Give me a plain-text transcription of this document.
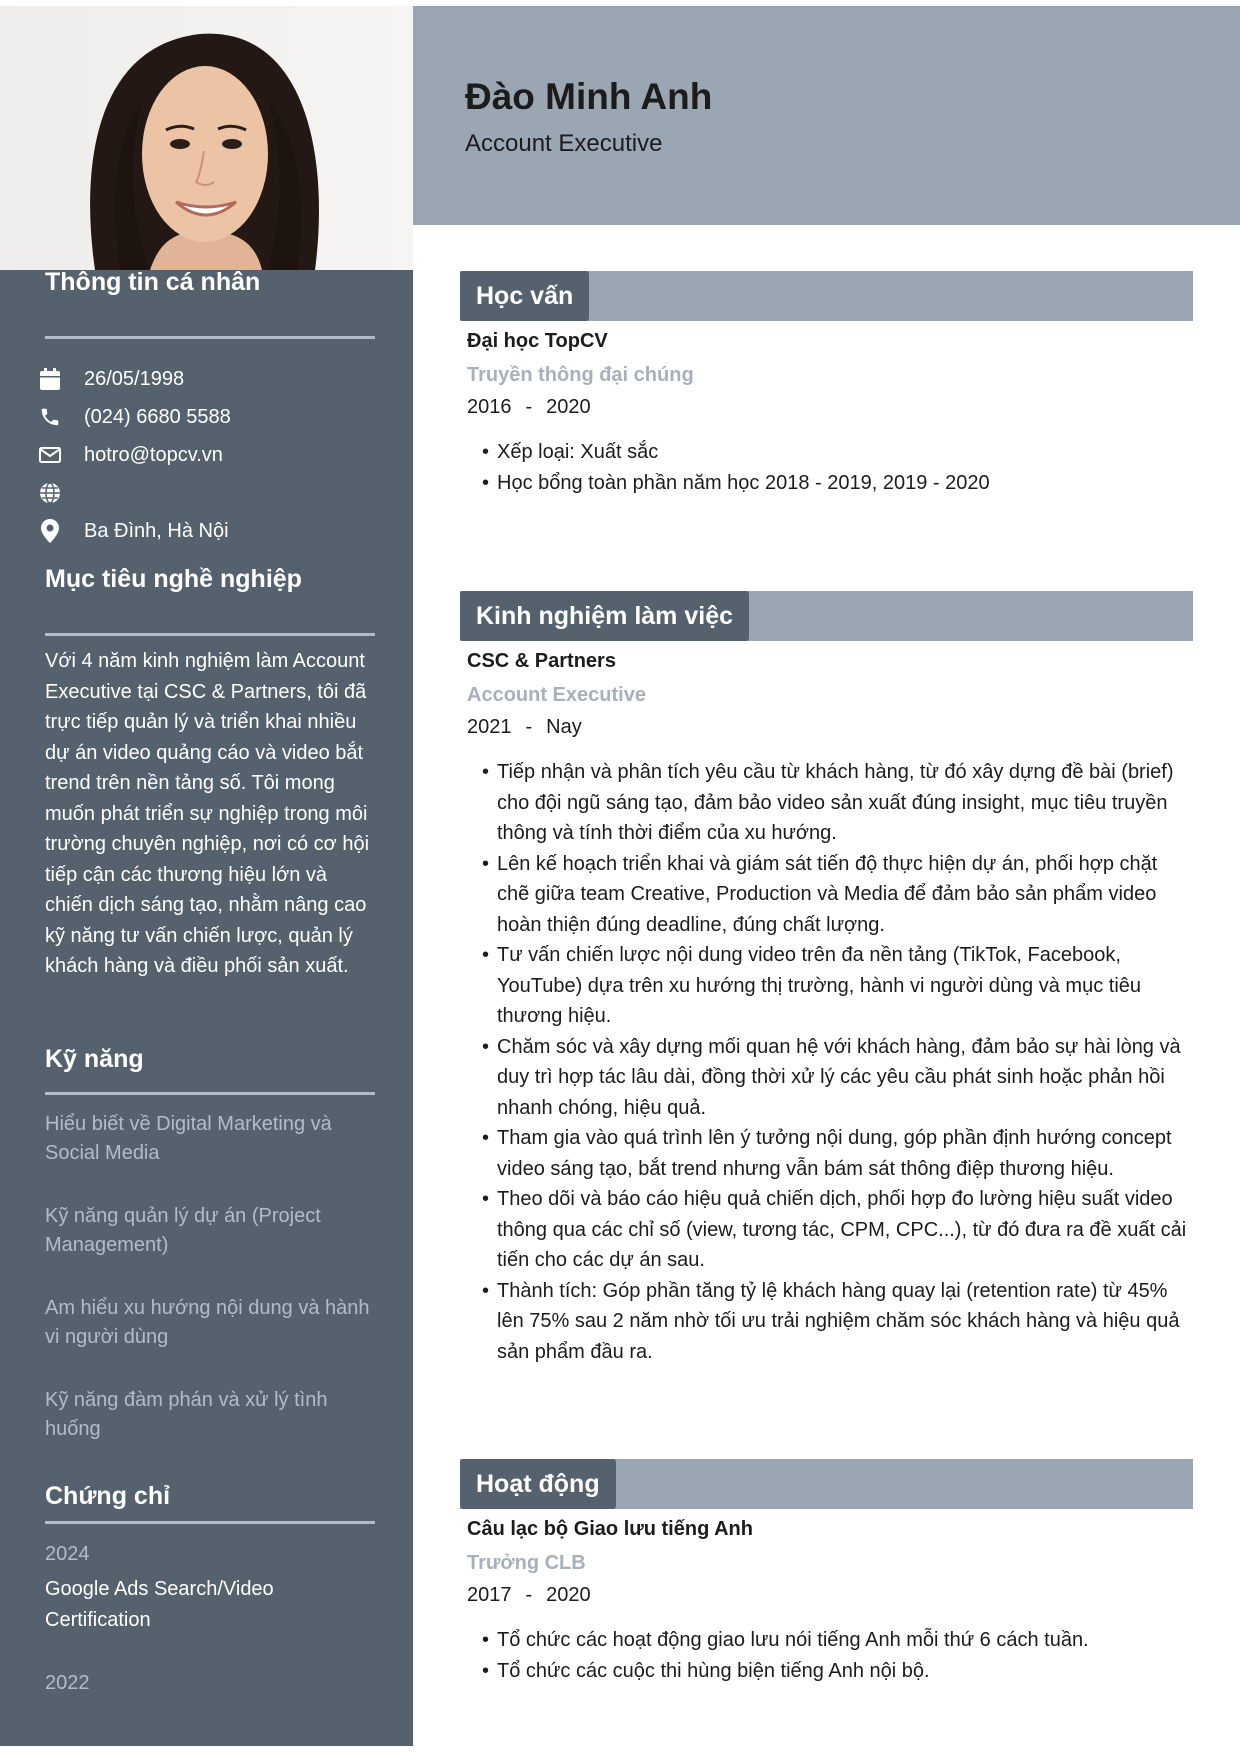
Thông tin cá nhân
26/05/1998
(024) 6680 5588
hotro@topcv.vn
Ba Đình, Hà Nội
Mục tiêu nghề nghiệp
Với 4 năm kinh nghiệm làm Account Executive tại CSC & Partners, tôi đã trực tiếp quản lý và triển khai nhiều dự án video quảng cáo và video bắt trend trên nền tảng số. Tôi mong muốn phát triển sự nghiệp trong môi trường chuyên nghiệp, nơi có cơ hội tiếp cận các thương hiệu lớn và chiến dịch sáng tạo, nhằm nâng cao kỹ năng tư vấn chiến lược, quản lý khách hàng và điều phối sản xuất.
Kỹ năng
Hiểu biết về Digital Marketing và Social Media
Kỹ năng quản lý dự án (Project Management)
Am hiểu xu hướng nội dung và hành vi người dùng
Kỹ năng đàm phán và xử lý tình huống
Chứng chỉ
2024
Google Ads Search/Video Certification
2022
Đào Minh Anh
Account Executive
Học vấn
Đại học TopCV
Truyền thông đại chúng
2016 - 2020
• Xếp loại: Xuất sắc
• Học bổng toàn phần năm học 2018 - 2019, 2019 - 2020
Kinh nghiệm làm việc
CSC & Partners
Account Executive
2021 - Nay
• Tiếp nhận và phân tích yêu cầu từ khách hàng, từ đó xây dựng đề bài (brief) cho đội ngũ sáng tạo, đảm bảo video sản xuất đúng insight, mục tiêu truyền thông và tính thời điểm của xu hướng.
• Lên kế hoạch triển khai và giám sát tiến độ thực hiện dự án, phối hợp chặt chẽ giữa team Creative, Production và Media để đảm bảo sản phẩm video hoàn thiện đúng deadline, đúng chất lượng.
• Tư vấn chiến lược nội dung video trên đa nền tảng (TikTok, Facebook, YouTube) dựa trên xu hướng thị trường, hành vi người dùng và mục tiêu thương hiệu.
• Chăm sóc và xây dựng mối quan hệ với khách hàng, đảm bảo sự hài lòng và duy trì hợp tác lâu dài, đồng thời xử lý các yêu cầu phát sinh hoặc phản hồi nhanh chóng, hiệu quả.
• Tham gia vào quá trình lên ý tưởng nội dung, góp phần định hướng concept video sáng tạo, bắt trend nhưng vẫn bám sát thông điệp thương hiệu.
• Theo dõi và báo cáo hiệu quả chiến dịch, phối hợp đo lường hiệu suất video thông qua các chỉ số (view, tương tác, CPM, CPC...), từ đó đưa ra đề xuất cải tiến cho các dự án sau.
• Thành tích: Góp phần tăng tỷ lệ khách hàng quay lại (retention rate) từ 45% lên 75% sau 2 năm nhờ tối ưu trải nghiệm chăm sóc khách hàng và hiệu quả sản phẩm đầu ra.
Hoạt động
Câu lạc bộ Giao lưu tiếng Anh
Trưởng CLB
2017 - 2020
• Tổ chức các hoạt động giao lưu nói tiếng Anh mỗi thứ 6 cách tuần.
• Tổ chức các cuộc thi hùng biện tiếng Anh nội bộ.
